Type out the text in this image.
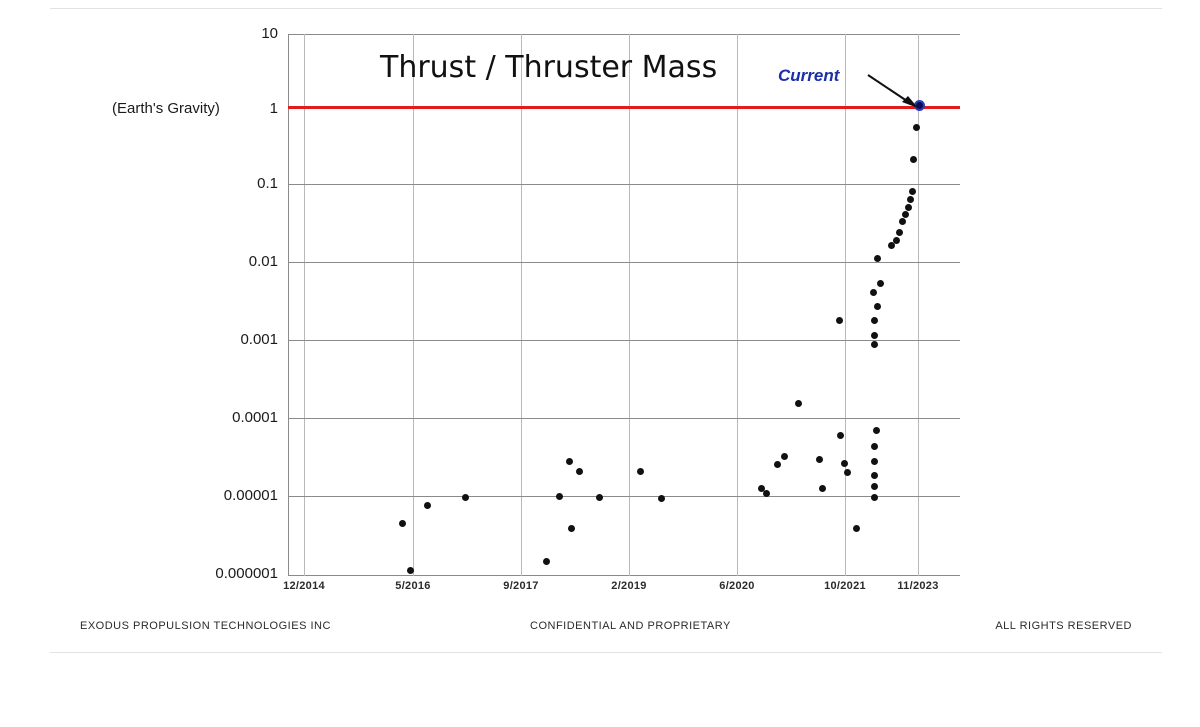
10
1
0.1
0.01
0.001
0.0001
0.00001
0.000001
(Earth's Gravity)
12/2014	5/2016	9/2017	2/2019	6/2020	10/2021	11/2023
Thrust / Thruster Mass	Current
EXODUS PROPULSION TECHNOLOGIES INC	CONFIDENTIAL AND PROPRIETARY	ALL RIGHTS RESERVED
